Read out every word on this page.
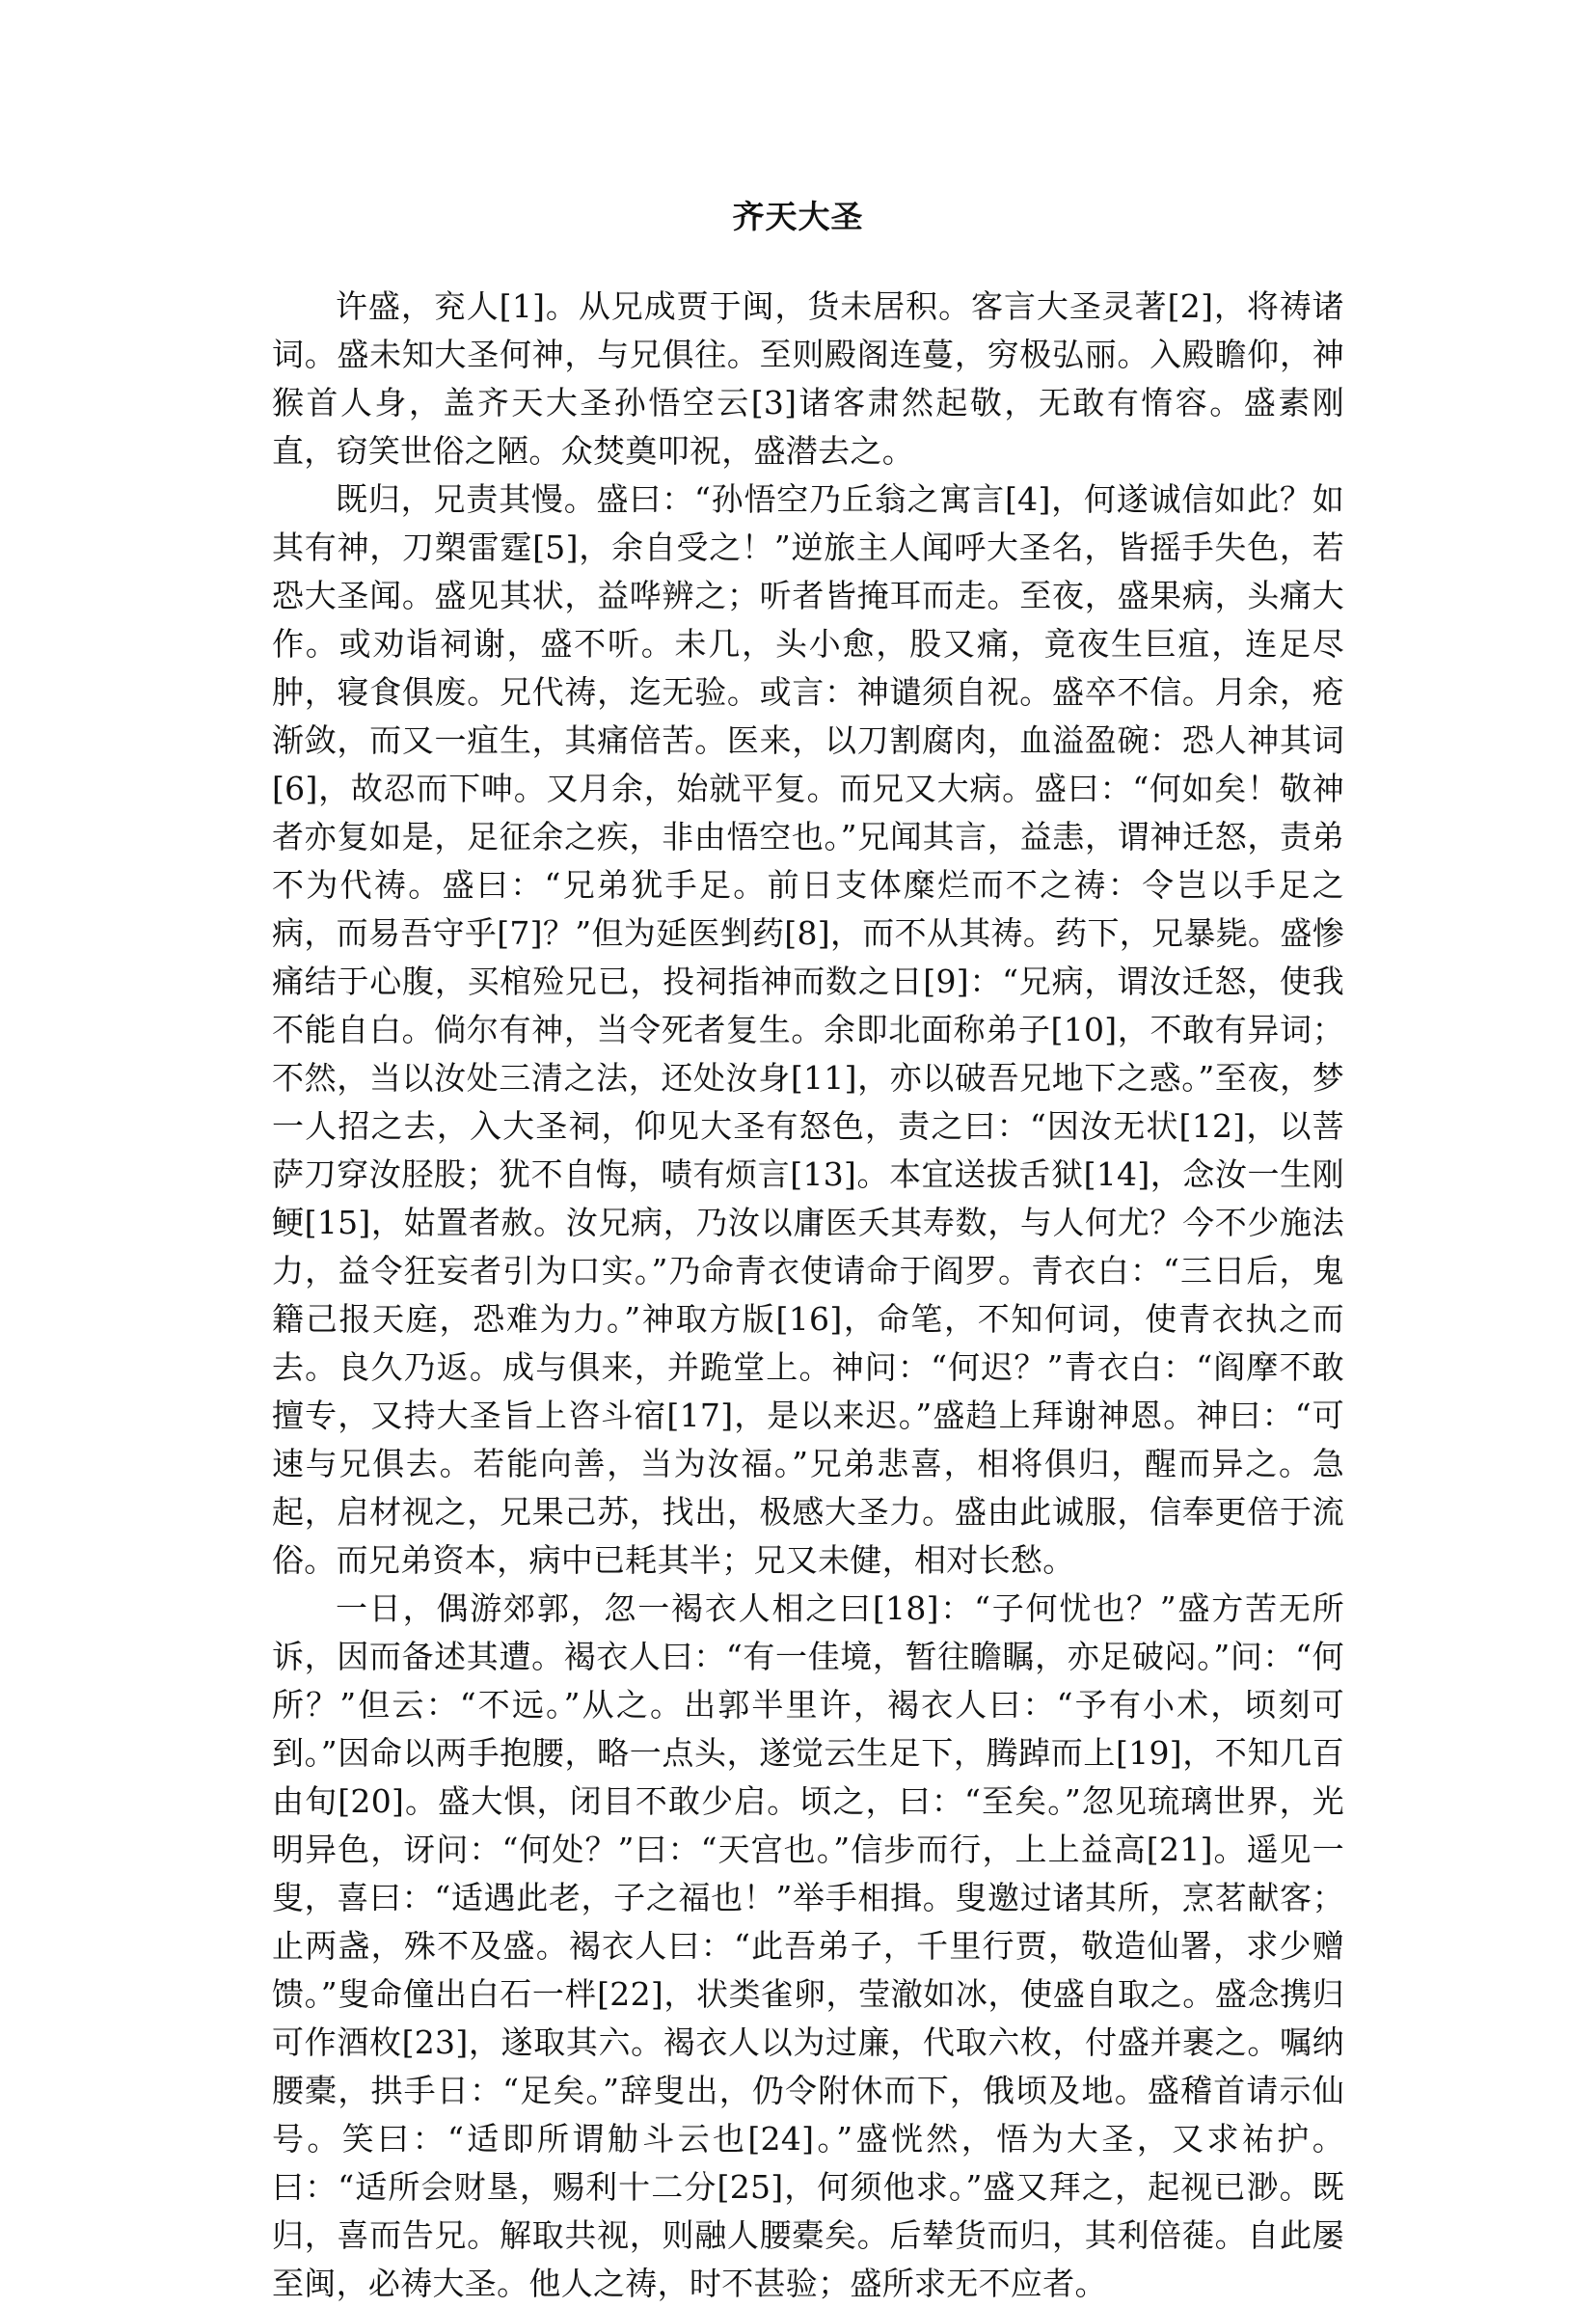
齐天大圣

许盛，兖人[1]。从兄成贾于闽，货未居积。客言大圣灵著[2]，将祷诸词。盛未知大圣何神，与兄俱往。至则殿阁连蔓，穷极弘丽。入殿瞻仰，神猴首人身，盖齐天大圣孙悟空云[3]诸客肃然起敬，无敢有惰容。盛素刚直，窃笑世俗之陋。众焚奠叩祝，盛潜去之。

既归，兄责其慢。盛曰：“孙悟空乃丘翁之寓言[4]，何遂诚信如此？如其有神，刀槊雷霆[5]，余自受之！”逆旅主人闻呼大圣名，皆摇手失色，若恐大圣闻。盛见其状，益哗辨之；听者皆掩耳而走。至夜，盛果病，头痛大作。或劝诣祠谢，盛不听。未几，头小愈，股又痛，竟夜生巨疽，连足尽肿，寝食俱废。兄代祷，迄无验。或言：神谴须自祝。盛卒不信。月余，疮渐敛，而又一疽生，其痛倍苦。医来，以刀割腐肉，血溢盈碗：恐人神其词[6]，故忍而下呻。又月余，始就平复。而兄又大病。盛曰：“何如矣！敬神者亦复如是，足征余之疾，非由悟空也。”兄闻其言，益恚，谓神迁怒，责弟不为代祷。盛曰：“兄弟犹手足。前日支体糜烂而不之祷：令岂以手足之病，而易吾守乎[7]？”但为延医剉药[8]，而不从其祷。药下，兄暴毙。盛惨痛结于心腹，买棺殓兄已，投祠指神而数之日[9]：“兄病，谓汝迁怒，使我不能自白。倘尔有神，当令死者复生。余即北面称弟子[10]，不敢有异词；不然，当以汝处三清之法，还处汝身[11]，亦以破吾兄地下之惑。”至夜，梦一人招之去，入大圣祠，仰见大圣有怒色，责之曰：“因汝无状[12]，以菩萨刀穿汝胫股；犹不自悔，啧有烦言[13]。本宜送拔舌狱[14]，念汝一生刚鲠[15]，姑置者赦。汝兄病，乃汝以庸医夭其寿数，与人何尤？今不少施法力，益令狂妄者引为口实。”乃命青衣使请命于阎罗。青衣白：“三日后，鬼籍己报天庭，恐难为力。”神取方版[16]，命笔，不知何词，使青衣执之而去。良久乃返。成与俱来，并跪堂上。神问：“何迟？”青衣白：“阎摩不敢擅专，又持大圣旨上咨斗宿[17]，是以来迟。”盛趋上拜谢神恩。神曰：“可速与兄俱去。若能向善，当为汝福。”兄弟悲喜，相将俱归，醒而异之。急起，启材视之，兄果己苏，找出，极感大圣力。盛由此诚服，信奉更倍于流俗。而兄弟资本，病中已耗其半；兄又未健，相对长愁。

一日，偶游郊郭，忽一褐衣人相之曰[18]：“子何忧也？”盛方苦无所诉，因而备述其遭。褐衣人曰：“有一佳境，暂往瞻瞩，亦足破闷。”问：“何所？”但云：“不远。”从之。出郭半里许，褐衣人曰：“予有小术，顷刻可到。”因命以两手抱腰，略一点头，遂觉云生足下，腾踔而上[19]，不知几百由旬[20]。盛大惧，闭目不敢少启。顷之，曰：“至矣。”忽见琉璃世界，光明异色，讶问：“何处？”曰：“天宫也。”信步而行，上上益高[21]。遥见一叟，喜曰：“适遇此老，子之福也！”举手相揖。叟邀过诸其所，烹茗献客；止两盏，殊不及盛。褐衣人曰：“此吾弟子，千里行贾，敬造仙署，求少赠馈。”叟命僮出白石一柈[22]，状类雀卵，莹澈如冰，使盛自取之。盛念携归可作酒枚[23]，遂取其六。褐衣人以为过廉，代取六枚，付盛并裹之。嘱纳腰橐，拱手日：“足矣。”辞叟出，仍令附休而下，俄顷及地。盛稽首请示仙号。笑曰：“适即所谓觔斗云也[24]。”盛恍然，悟为大圣，又求祐护。曰：“适所会财垦，赐利十二分[25]，何须他求。”盛又拜之，起视已渺。既归，喜而告兄。解取共视，则融人腰橐矣。后辇货而归，其利倍蓰。自此屡至闽，必祷大圣。他人之祷，时不甚验；盛所求无不应者。
